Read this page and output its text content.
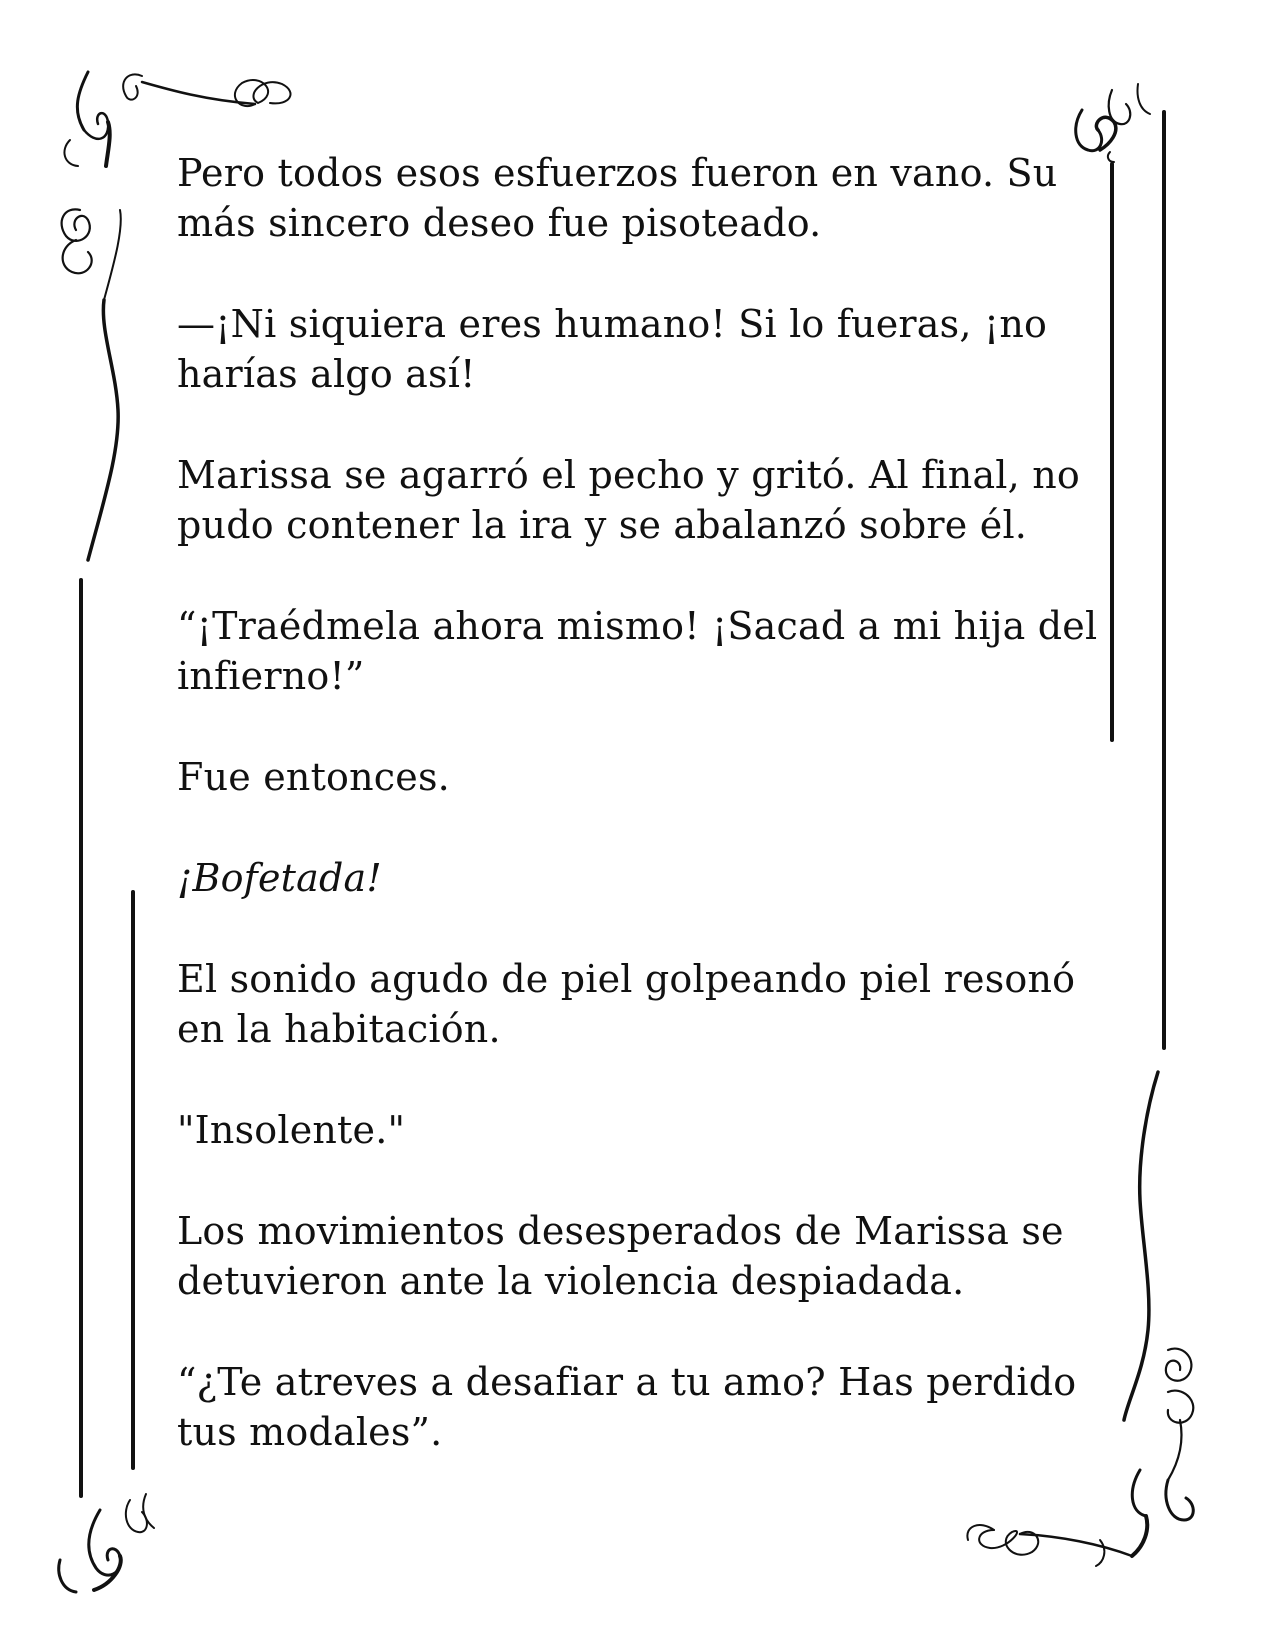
Pero todos esos esfuerzos fueron en vano. Su
más sincero deseo fue pisoteado.

—¡Ni siquiera eres humano! Si lo fueras, ¡no
harías algo así!

Marissa se agarró el pecho y gritó. Al final, no
pudo contener la ira y se abalanzó sobre él.

“¡Traédmela ahora mismo! ¡Sacad a mi hija del
infierno!”

Fue entonces.

¡Bofetada!

El sonido agudo de piel golpeando piel resonó
en la habitación.

"Insolente."

Los movimientos desesperados de Marissa se
detuvieron ante la violencia despiadada.

“¿Te atreves a desafiar a tu amo? Has perdido
tus modales”.
